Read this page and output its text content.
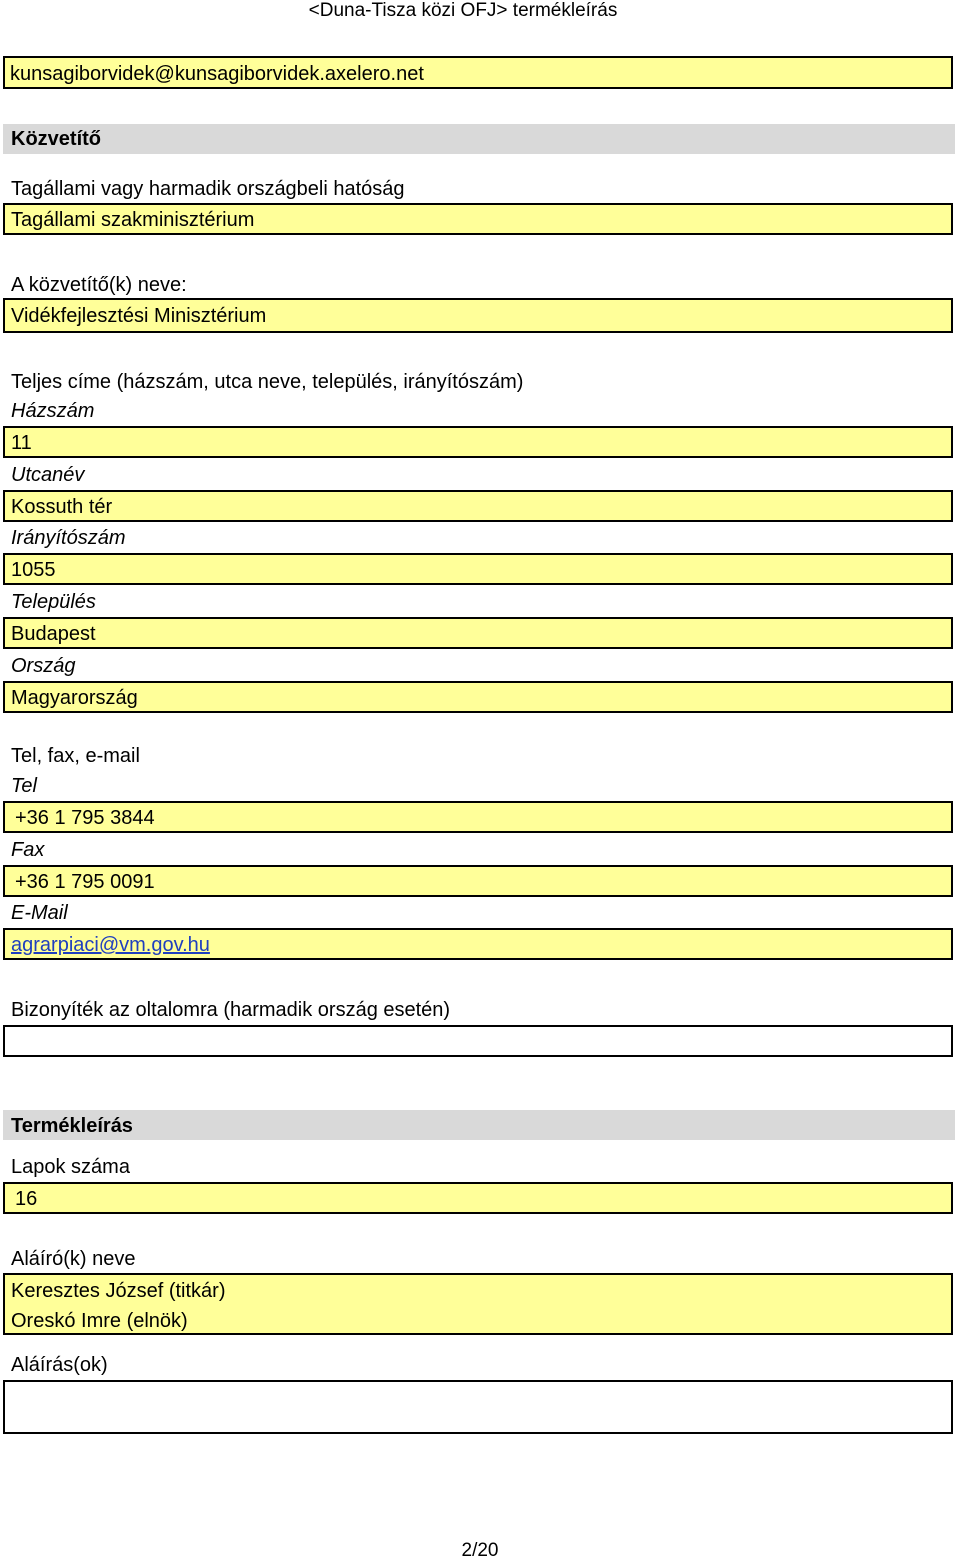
<Duna-Tisza közi OFJ> termékleírás
kunsagiborvidek@kunsagiborvidek.axelero.net
Közvetítő
Tagállami vagy harmadik országbeli hatóság
Tagállami szakminisztérium
A közvetítő(k) neve:
Vidékfejlesztési Minisztérium
Teljes címe (házszám, utca neve, település, irányítószám)
Házszám
11
Utcanév
Kossuth tér
Irányítószám
1055
Település
Budapest
Ország
Magyarország
Tel, fax, e-mail
Tel
+36 1 795 3844
Fax
+36 1 795 0091
E-Mail
agrarpiaci@vm.gov.hu
Bizonyíték az oltalomra (harmadik ország esetén)
Termékleírás
Lapok száma
16
Aláíró(k) neve
Keresztes József (titkár)
Oreskó Imre (elnök)
Aláírás(ok)
2/20
